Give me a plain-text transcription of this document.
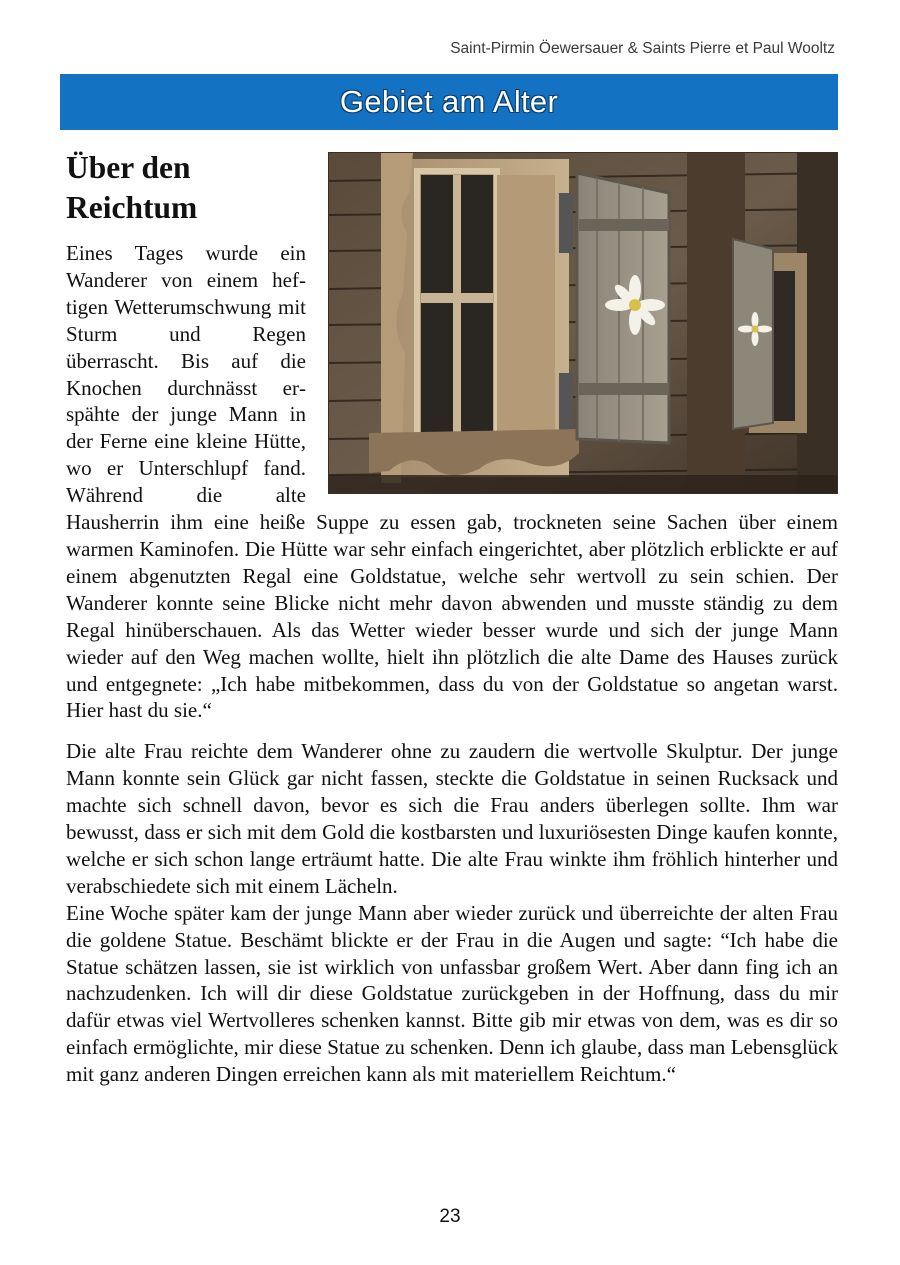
Saint-Pirmin Öewersauer & Saints Pierre et Paul Wooltz
Gebiet am Alter
Über den Reichtum

Eines Tages wurde ein Wanderer von einem heftigen Wetterumschwung mit Sturm und Regen überrascht. Bis auf die Knochen durchnässt erspähte der junge Mann in der Ferne eine kleine Hütte, wo er Unterschlupf fand. Während die alte Hausherrin ihm eine heiße Suppe zu essen gab, trockneten seine Sachen über einem warmen Kaminofen. Die Hütte war sehr einfach eingerichtet, aber plötzlich erblickte er auf einem abgenutzten Regal eine Goldstatue, welche sehr wertvoll zu sein schien. Der Wanderer konnte seine Blicke nicht mehr davon abwenden und musste ständig zu dem Regal hinüberschauen. Als das Wetter wieder besser wurde und sich der junge Mann wieder auf den Weg machen wollte, hielt ihn plötzlich die alte Dame des Hauses zurück und entgegnete: „Ich habe mitbekommen, dass du von der Goldstatue so angetan warst. Hier hast du sie.“

Die alte Frau reichte dem Wanderer ohne zu zaudern die wertvolle Skulptur. Der junge Mann konnte sein Glück gar nicht fassen, steckte die Goldstatue in seinen Rucksack und machte sich schnell davon, bevor es sich die Frau anders überlegen sollte. Ihm war bewusst, dass er sich mit dem Gold die kostbarsten und luxuriösesten Dinge kaufen konnte, welche er sich schon lange erträumt hatte. Die alte Frau winkte ihm fröhlich hinterher und verabschiedete sich mit einem Lächeln.

Eine Woche später kam der junge Mann aber wieder zurück und überreichte der alten Frau die goldene Statue. Beschämt blickte er der Frau in die Augen und sagte: “Ich habe die Statue schätzen lassen, sie ist wirklich von unfassbar großem Wert. Aber dann fing ich an nachzudenken. Ich will dir diese Goldstatue zurückgeben in der Hoffnung, dass du mir dafür etwas viel Wertvolleres schenken kannst. Bitte gib mir etwas von dem, was es dir so einfach ermöglichte, mir diese Statue zu schenken. Denn ich glaube, dass man Lebensglück mit ganz anderen Dingen erreichen kann als mit materiellem Reichtum.“

23
